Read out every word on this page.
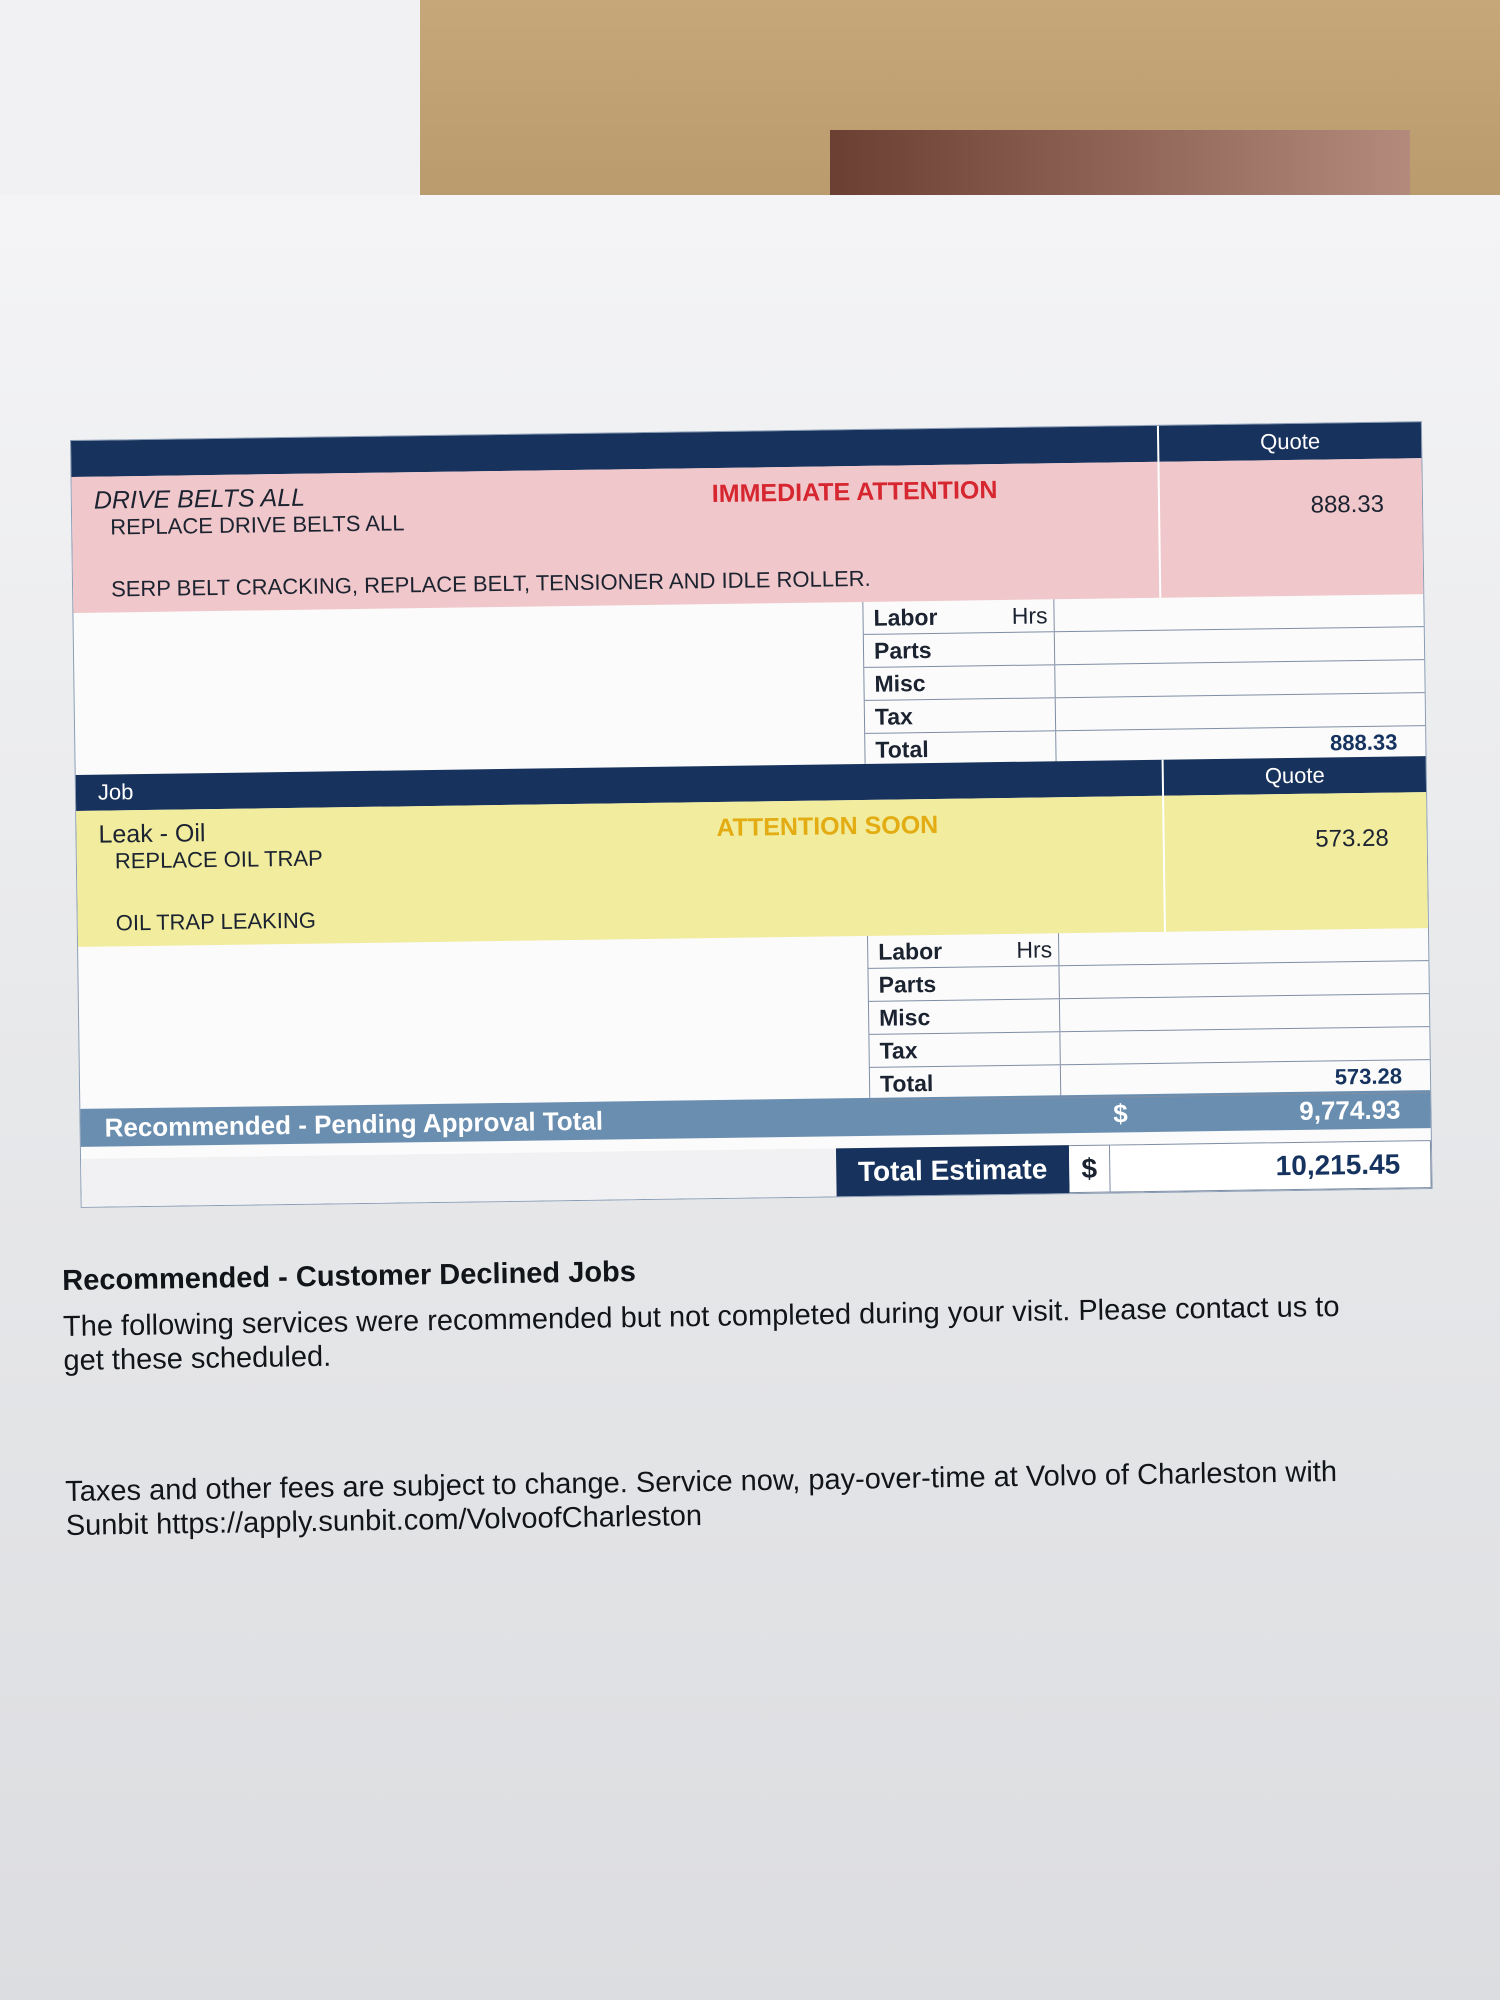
Quote
DRIVE BELTS ALL
REPLACE DRIVE BELTS ALL
SERP BELT CRACKING, REPLACE BELT, TENSIONER AND IDLE ROLLER.
IMMEDIATE ATTENTION	888.33
Labor	Hrs
Parts
Misc
Tax
Total	888.33
Job
Quote
Leak - Oil
REPLACE OIL TRAP
OIL TRAP LEAKING
ATTENTION SOON	573.28
Labor	Hrs
Parts
Misc
Tax
Total	573.28
Recommended - Pending Approval Total	$	9,774.93
Total Estimate	$	10,215.45
Recommended - Customer Declined Jobs
The following services were recommended but not completed during your visit. Please contact us to get these scheduled.
Taxes and other fees are subject to change. Service now, pay-over-time at Volvo of Charleston with Sunbit https://apply.sunbit.com/VolvoofCharleston
